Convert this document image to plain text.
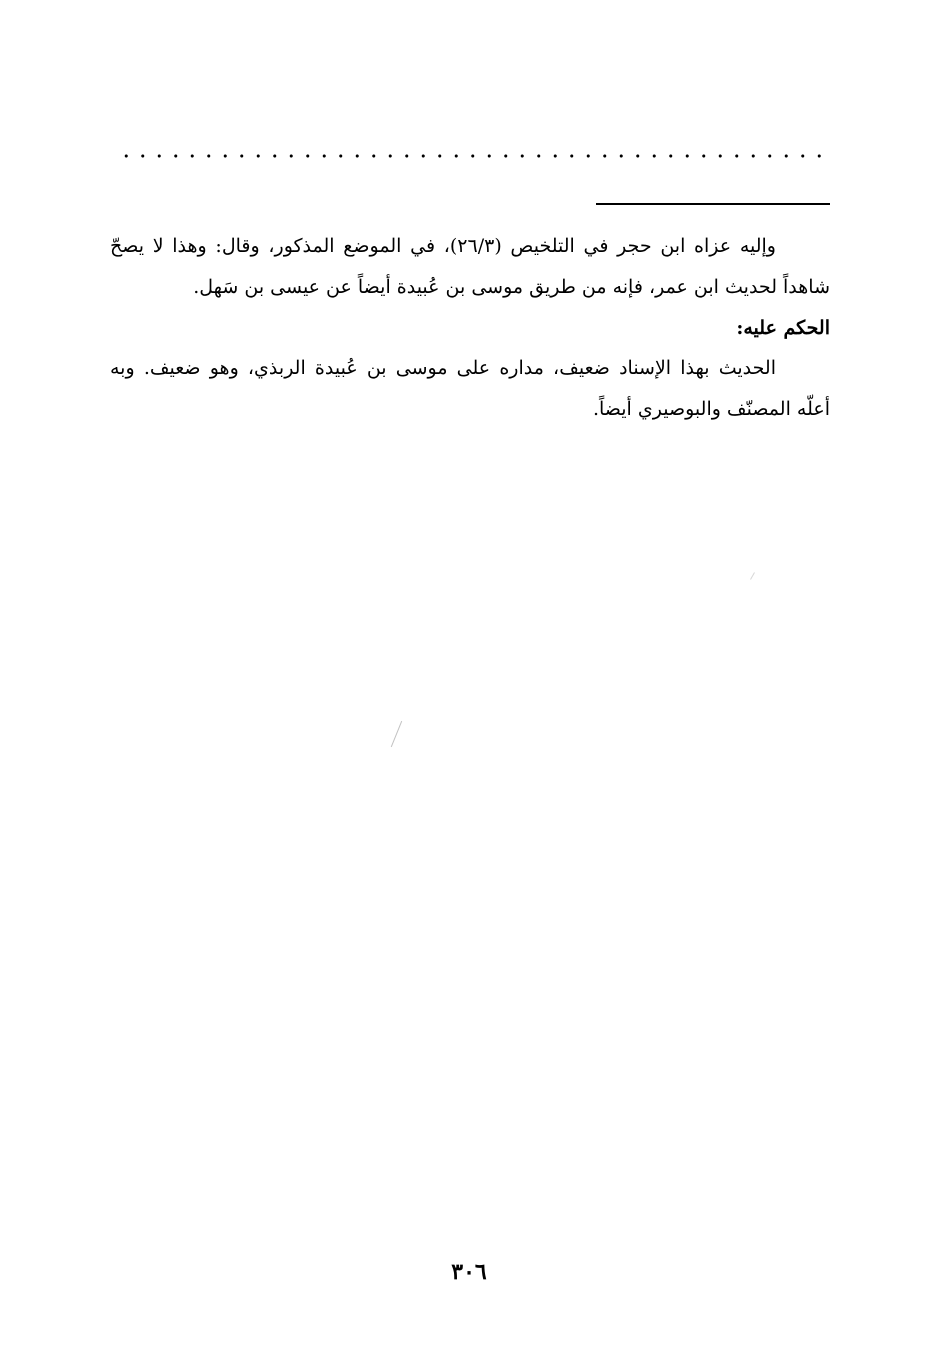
وإليه عزاه ابن حجر في التلخيص (٢٦/٣)، في الموضع المذكور، وقال: وهذا لا يصحّ شاهداً لحديث ابن عمر، فإنه من طريق موسى بن عُبيدة أيضاً عن عيسى بن سَهل.

الحكم عليه:

الحديث بهذا الإسناد ضعيف، مداره على موسى بن عُبيدة الربذي، وهو ضعيف. وبه أعلّه المصنّف والبوصيري أيضاً.

٣٠٦
